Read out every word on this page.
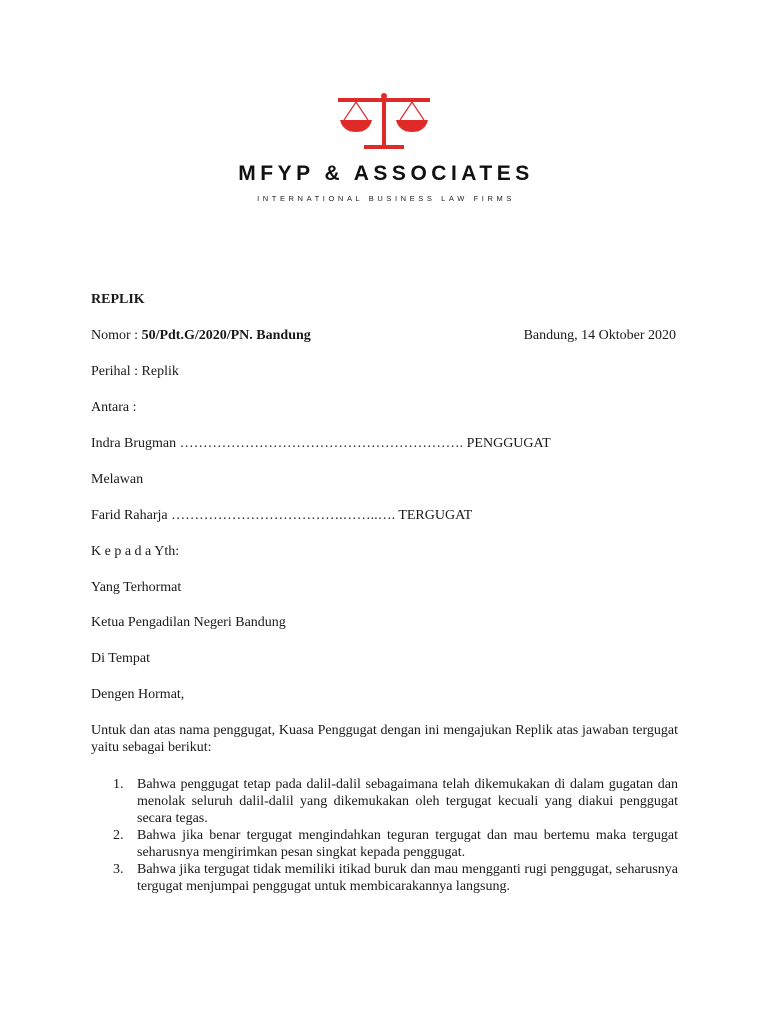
MFYP & ASSOCIATES
INTERNATIONAL BUSINESS LAW FIRMS
REPLIK
Nomor : 50/Pdt.G/2020/PN. Bandung	Bandung, 14 Oktober 2020
Perihal : Replik
Antara :
Indra Brugman ……………………………………………………. PENGGUGAT
Melawan
Farid Raharja ……………………………….……..…. TERGUGAT
K e p a d a Yth:
Yang Terhormat
Ketua Pengadilan Negeri Bandung
Di Tempat
Dengen Hormat,
Untuk dan atas nama penggugat, Kuasa Penggugat dengan ini mengajukan Replik atas jawaban tergugat yaitu sebagai berikut:
1. Bahwa penggugat tetap pada dalil-dalil sebagaimana telah dikemukakan di dalam gugatan dan menolak seluruh dalil-dalil yang dikemukakan oleh tergugat kecuali yang diakui penggugat secara tegas.
2. Bahwa jika benar tergugat mengindahkan teguran tergugat dan mau bertemu maka tergugat seharusnya mengirimkan pesan singkat kepada penggugat.
3. Bahwa jika tergugat tidak memiliki itikad buruk dan mau mengganti rugi penggugat, seharusnya tergugat menjumpai penggugat untuk membicarakannya langsung.
